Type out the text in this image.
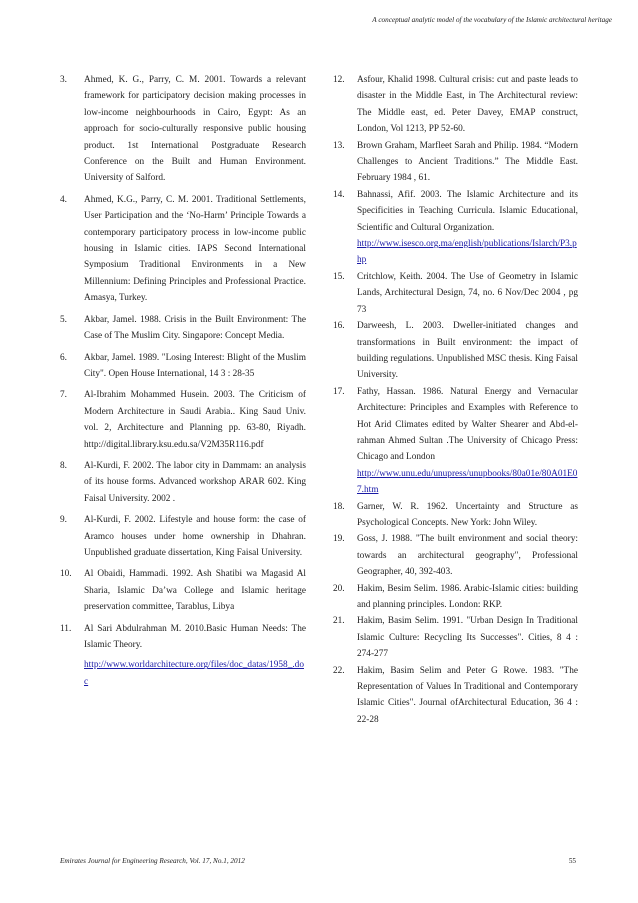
A conceptual analytic model of the vocabulary of the Islamic architectural heritage
3. Ahmed, K. G., Parry, C. M. 2001. Towards a relevant framework for participatory decision making processes in low-income neighbourhoods in Cairo, Egypt: As an approach for socio-culturally responsive public housing product. 1st International Postgraduate Research Conference on the Built and Human Environment. University of Salford.
4. Ahmed, K.G., Parry, C. M. 2001. Traditional Settlements, User Participation and the ‘No-Harm’ Principle Towards a contemporary participatory process in low-income public housing in Islamic cities. IAPS Second International Symposium Traditional Environments in a New Millennium: Defining Principles and Professional Practice. Amasya, Turkey.
5. Akbar, Jamel. 1988. Crisis in the Built Environment: The Case of The Muslim City. Singapore: Concept Media.
6. Akbar, Jamel. 1989. "Losing Interest: Blight of the Muslim City". Open House International, 14 3 : 28-35
7. Al-Ibrahim Mohammed Husein. 2003. The Criticism of Modern Architecture in Saudi Arabia.. King Saud Univ. vol. 2, Architecture and Planning pp. 63-80, Riyadh. http://digital.library.ksu.edu.sa/V2M35R116.pdf
8. Al-Kurdi, F. 2002. The labor city in Dammam: an analysis of its house forms. Advanced workshop ARAR 602. King Faisal University. 2002 .
9. Al-Kurdi, F. 2002. Lifestyle and house form: the case of Aramco houses under home ownership in Dhahran. Unpublished graduate dissertation, King Faisal University.
10. Al Obaidi, Hammadi. 1992. Ash Shatibi wa Magasid Al Sharia, Islamic Da’wa College and Islamic heritage preservation committee, Tarablus, Libya
11. Al Sari Abdulrahman M. 2010.Basic Human Needs: The Islamic Theory.
http://www.worldarchitecture.org/files/doc_datas/1958_.doc
12. Asfour, Khalid 1998. Cultural crisis: cut and paste leads to disaster in the Middle East, in The Architectural review: The Middle east, ed. Peter Davey, EMAP construct, London, Vol 1213, PP 52-60.
13. Brown Graham, Marfleet Sarah and Philip. 1984. “Modern Challenges to Ancient Traditions.” The Middle East. February 1984 , 61.
14. Bahnassi, Afif. 2003. The Islamic Architecture and its Specificities in Teaching Curricula. Islamic Educational, Scientific and Cultural Organization.
http://www.isesco.org.ma/english/publications/Islarch/P3.php
15. Critchlow, Keith. 2004. The Use of Geometry in Islamic Lands, Architectural Design, 74, no. 6 Nov/Dec 2004 , pg 73
16. Darweesh, L. 2003. Dweller-initiated changes and transformations in Built environment: the impact of building regulations. Unpublished MSC thesis. King Faisal University.
17. Fathy, Hassan. 1986. Natural Energy and Vernacular Architecture: Principles and Examples with Reference to Hot Arid Climates edited by Walter Shearer and Abd-el-rahman Ahmed Sultan .The University of Chicago Press: Chicago and London
http://www.unu.edu/unupress/unupbooks/80a01e/80A01E07.htm
18. Garner, W. R. 1962. Uncertainty and Structure as Psychological Concepts. New York: John Wiley.
19. Goss, J. 1988. "The built environment and social theory: towards an architectural geography", Professional Geographer, 40, 392-403.
20. Hakim, Besim Selim. 1986. Arabic-Islamic cities: building and planning principles. London: RKP.
21. Hakim, Basim Selim. 1991. "Urban Design In Traditional Islamic Culture: Recycling Its Successes". Cities, 8 4 : 274-277
22. Hakim, Basim Selim and Peter G Rowe. 1983. "The Representation of Values In Traditional and Contemporary Islamic Cities". Journal ofArchitectural Education, 36 4 : 22-28
Emirates Journal for Engineering Research, Vol. 17, No.1, 2012	55
